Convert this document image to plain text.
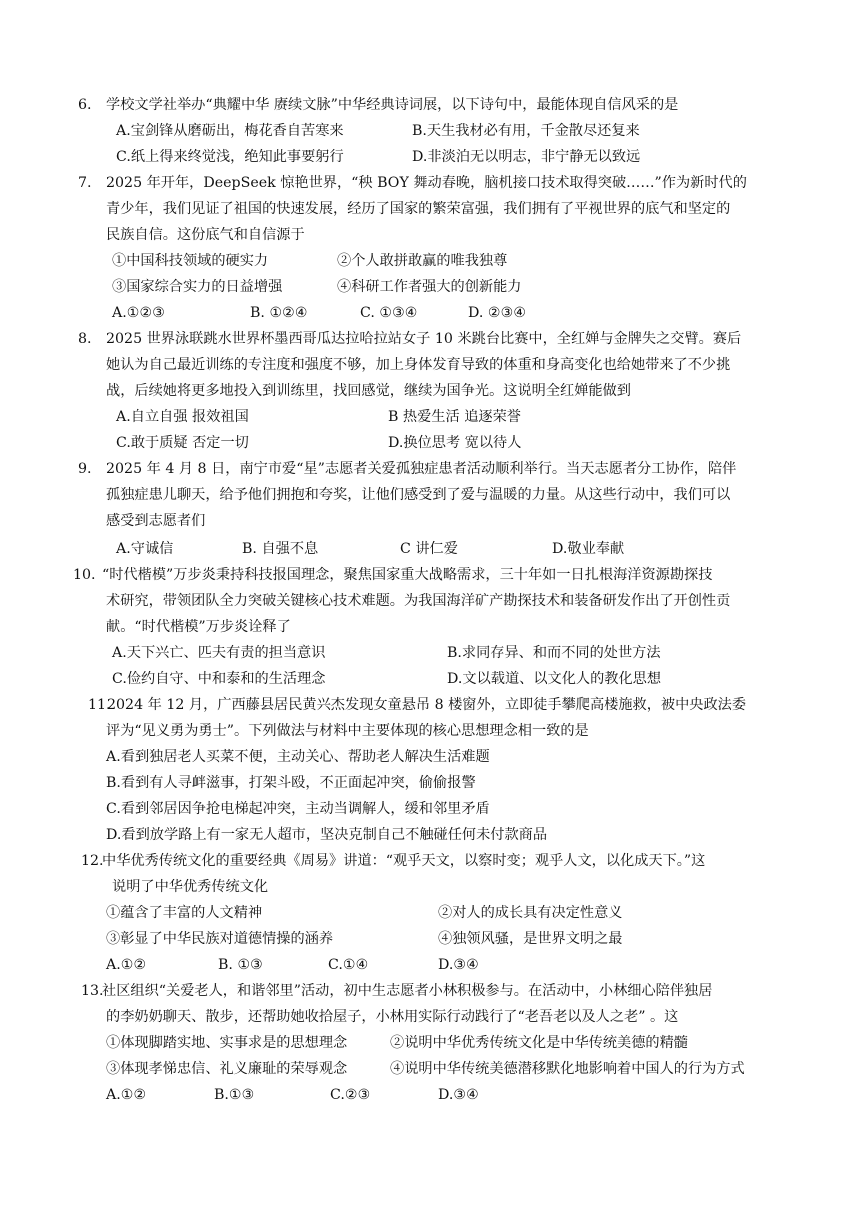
6. 学校文学社举办“典耀中华 赓续文脉”中华经典诗词展，以下诗句中，最能体现自信风采的是
A.宝剑锋从磨砺出，梅花香自苦寒来	B.天生我材必有用，千金散尽还复来
C.纸上得来终觉浅，绝知此事要躬行	D.非淡泊无以明志，非宁静无以致远
7. 2025 年开年，DeepSeek 惊艳世界，“秧 BOY 舞动春晚，脑机接口技术取得突破……”作为新时代的
青少年，我们见证了祖国的快速发展，经历了国家的繁荣富强，我们拥有了平视世界的底气和坚定的
民族自信。这份底气和自信源于
①中国科技领域的硬实力	②个人敢拼敢赢的唯我独尊
③国家综合实力的日益增强	④科研工作者强大的创新能力
A.①②③	B. ①②④	C. ①③④	D. ②③④
8. 2025 世界泳联跳水世界杯墨西哥瓜达拉哈拉站女子 10 米跳台比赛中，全红婵与金牌失之交臂。赛后
她认为自己最近训练的专注度和强度不够，加上身体发育导致的体重和身高变化也给她带来了不少挑
战，后续她将更多地投入到训练里，找回感觉，继续为国争光。这说明全红婵能做到
A.自立自强 报效祖国	B 热爱生活 追逐荣誉
C.敢于质疑 否定一切	D.换位思考 宽以待人
9. 2025 年 4 月 8 日，南宁市爱“星”志愿者关爱孤独症患者活动顺利举行。当天志愿者分工协作，陪伴
孤独症患儿聊天，给予他们拥抱和夸奖，让他们感受到了爱与温暖的力量。从这些行动中，我们可以
感受到志愿者们
A.守诚信	B. 自强不息	C 讲仁爱	D.敬业奉献
10. “时代楷模”万步炎秉持科技报国理念，聚焦国家重大战略需求，三十年如一日扎根海洋资源勘探技
术研究，带领团队全力突破关键核心技术难题。为我国海洋矿产勘探技术和装备研发作出了开创性贡
献。“时代楷模”万步炎诠释了
A.天下兴亡、匹夫有责的担当意识	B.求同存异、和而不同的处世方法
C.俭约自守、中和泰和的生活理念	D.文以载道、以文化人的教化思想
11.
2024 年 12 月，广西藤县居民黄兴杰发现女童悬吊 8 楼窗外，立即徒手攀爬高楼施救，被中央政法委
评为“见义勇为勇士”。下列做法与材料中主要体现的核心思想理念相一致的是
A.看到独居老人买菜不便，主动关心、帮助老人解决生活难题
B.看到有人寻衅滋事，打架斗殴，不正面起冲突，偷偷报警
C.看到邻居因争抢电梯起冲突，主动当调解人，缓和邻里矛盾
D.看到放学路上有一家无人超市，坚决克制自己不触碰任何未付款商品
12.
中华优秀传统文化的重要经典《周易》讲道：“观乎天文，以察时变；观乎人文，以化成天下。”这
说明了中华优秀传统文化
①蕴含了丰富的人文精神	②对人的成长具有决定性意义
③彰显了中华民族对道德情操的涵养	④独领风骚，是世界文明之最
A.①②	B. ①③	C.①④	D.③④
13.
社区组织“关爱老人，和谐邻里”活动，初中生志愿者小林积极参与。在活动中，小林细心陪伴独居
的李奶奶聊天、散步，还帮助她收拾屋子，小林用实际行动践行了“老吾老以及人之老” 。这
①体现脚踏实地、实事求是的思想理念	②说明中华优秀传统文化是中华传统美德的精髓
③体现孝悌忠信、礼义廉耻的荣辱观念	④说明中华传统美德潜移默化地影响着中国人的行为方式
A.①②	B.①③	C.②③	D.③④
